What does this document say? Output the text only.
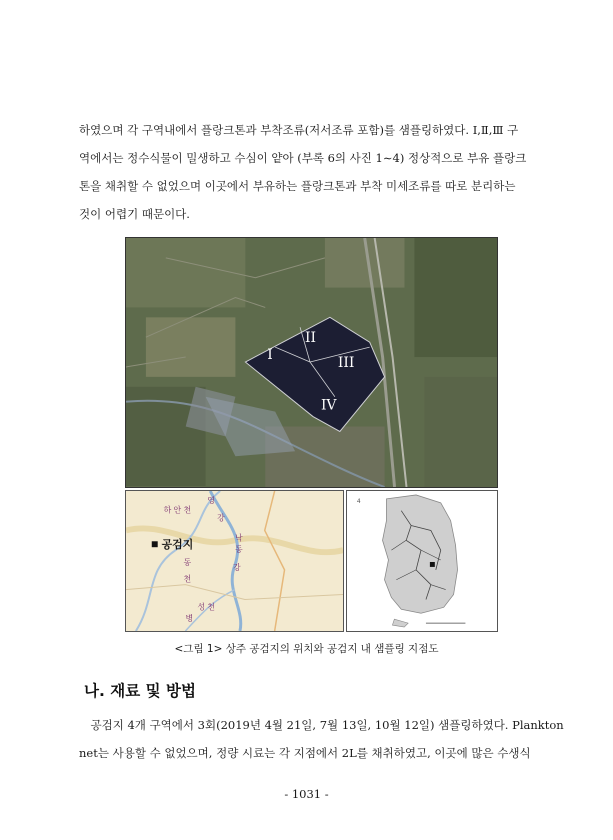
하였으며 각 구역내에서 플랑크톤과 부착조류(저서조류 포함)를 샘플링하였다. Ⅰ,Ⅱ,Ⅲ 구
역에서는 정수식물이 밀생하고 수심이 얕아 (부록 6의 사진 1∼4) 정상적으로 부유 플랑크
톤을 채취할 수 없었으며 이곳에서 부유하는 플랑크톤과 부착 미세조류를 따로 분리하는
것이 어렵기 때문이다.
I
II
III
IV
영
강
하 안 천
낙
동
동
천
강
병
성 천
공검지
4
<그림 1> 상주 공검지의 위치와 공검지 내 샘플링 지점도
나. 재료 및 방법
　공검지 4개 구역에서 3회(2019년 4월 21일, 7월 13일, 10월 12일) 샘플링하였다. Plankton
net는 사용할 수 없었으며, 정량 시료는 각 지점에서 2L를 채취하였고, 이곳에 많은 수생식
- 1031 -
